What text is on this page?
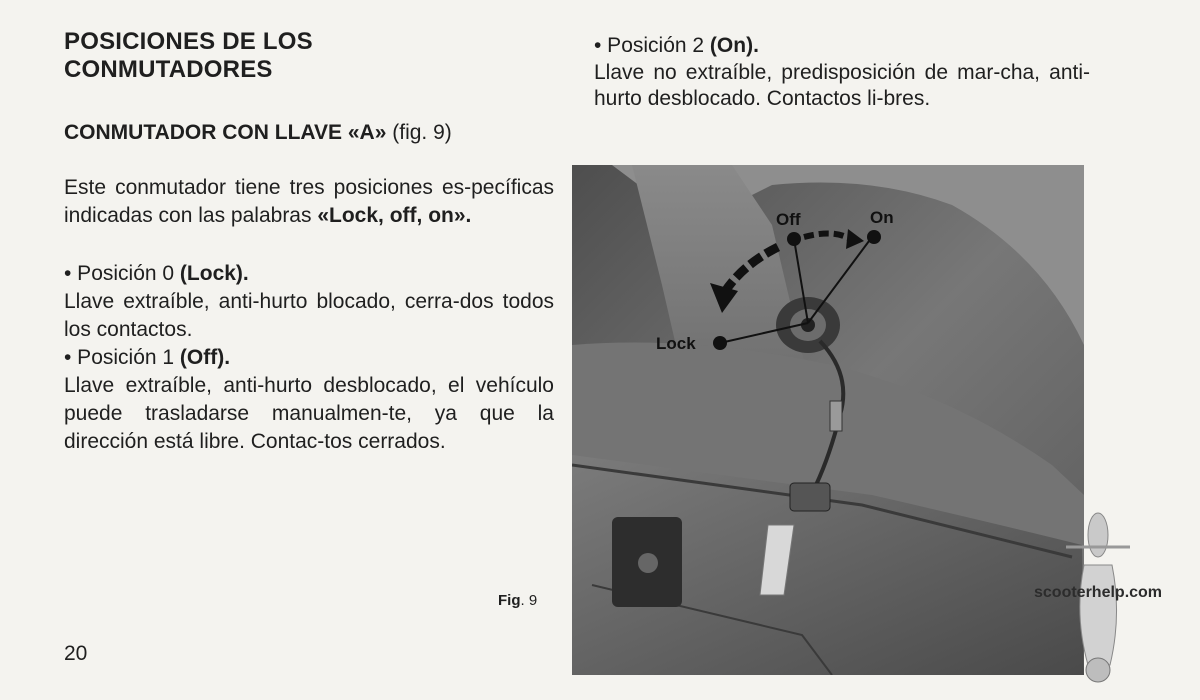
POSICIONES DE LOS
CONMUTADORES
CONMUTADOR CON LLAVE «A» (fig. 9)

Este conmutador tiene tres posiciones es-pecíficas indicadas con las palabras «Lock, off, on».

• Posición 0 (Lock).

Llave extraíble, anti-hurto blocado, cerra-dos todos los contactos.

• Posición 1 (Off).

Llave extraíble, anti-hurto desblocado, el vehículo puede trasladarse manualmen-te, ya que la dirección está libre. Contac-tos cerrados.

Fig. 9
20
• Posición 2 (On).

Llave no extraíble, predisposición de mar-cha, anti-hurto desblocado. Contactos li-bres.

Off	On
Lock
scooterhelp.com
